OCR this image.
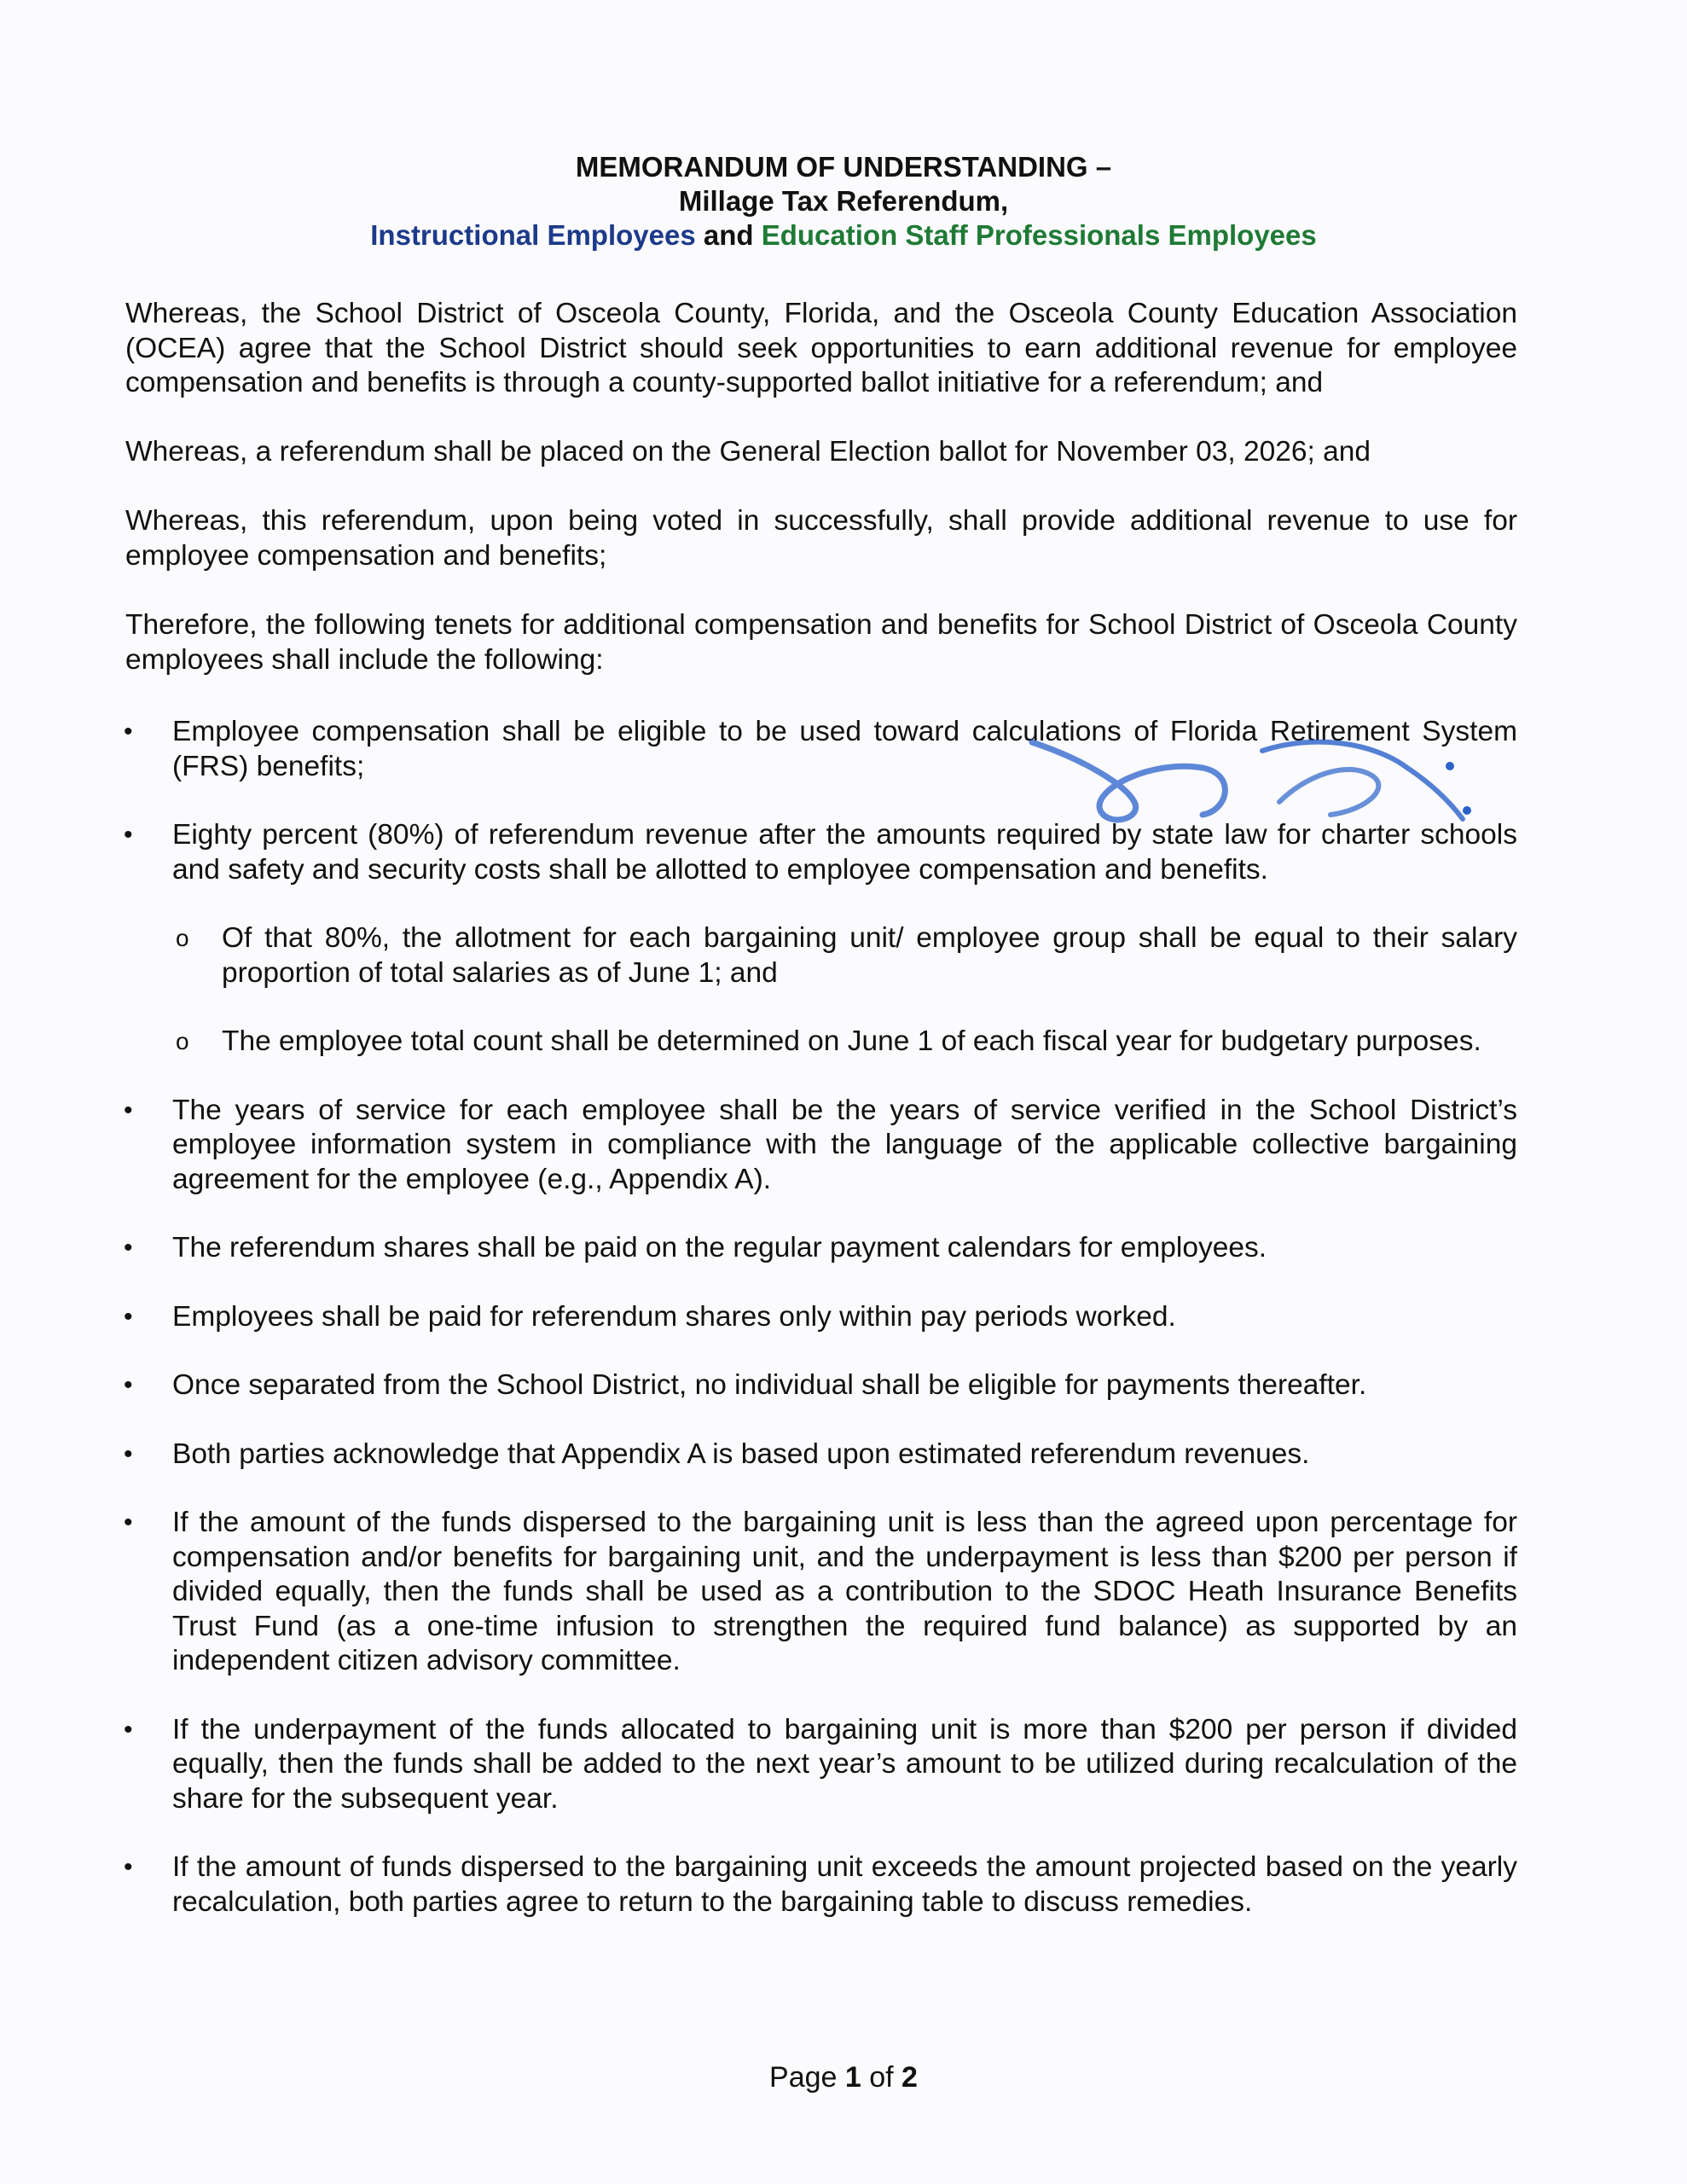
MEMORANDUM OF UNDERSTANDING –
Millage Tax Referendum,
Instructional Employees and Education Staff Professionals Employees

Whereas, the School District of Osceola County, Florida, and the Osceola County Education Association (OCEA) agree that the School District should seek opportunities to earn additional revenue for employee compensation and benefits is through a county-supported ballot initiative for a referendum; and

Whereas, a referendum shall be placed on the General Election ballot for November 03, 2026; and

Whereas, this referendum, upon being voted in successfully, shall provide additional revenue to use for employee compensation and benefits;

Therefore, the following tenets for additional compensation and benefits for School District of Osceola County employees shall include the following:

• Employee compensation shall be eligible to be used toward calculations of Florida Retirement System (FRS) benefits;
• Eighty percent (80%) of referendum revenue after the amounts required by state law for charter schools and safety and security costs shall be allotted to employee compensation and benefits.
o Of that 80%, the allotment for each bargaining unit/ employee group shall be equal to their salary proportion of total salaries as of June 1; and
o The employee total count shall be determined on June 1 of each fiscal year for budgetary purposes.
• The years of service for each employee shall be the years of service verified in the School District’s employee information system in compliance with the language of the applicable collective bargaining agreement for the employee (e.g., Appendix A).
• The referendum shares shall be paid on the regular payment calendars for employees.
• Employees shall be paid for referendum shares only within pay periods worked.
• Once separated from the School District, no individual shall be eligible for payments thereafter.
• Both parties acknowledge that Appendix A is based upon estimated referendum revenues.
• If the amount of the funds dispersed to the bargaining unit is less than the agreed upon percentage for compensation and/or benefits for bargaining unit, and the underpayment is less than $200 per person if divided equally, then the funds shall be used as a contribution to the SDOC Heath Insurance Benefits Trust Fund (as a one-time infusion to strengthen the required fund balance) as supported by an independent citizen advisory committee.
• If the underpayment of the funds allocated to bargaining unit is more than $200 per person if divided equally, then the funds shall be added to the next year’s amount to be utilized during recalculation of the share for the subsequent year.
• If the amount of funds dispersed to the bargaining unit exceeds the amount projected based on the yearly recalculation, both parties agree to return to the bargaining table to discuss remedies.
Page 1 of 2
